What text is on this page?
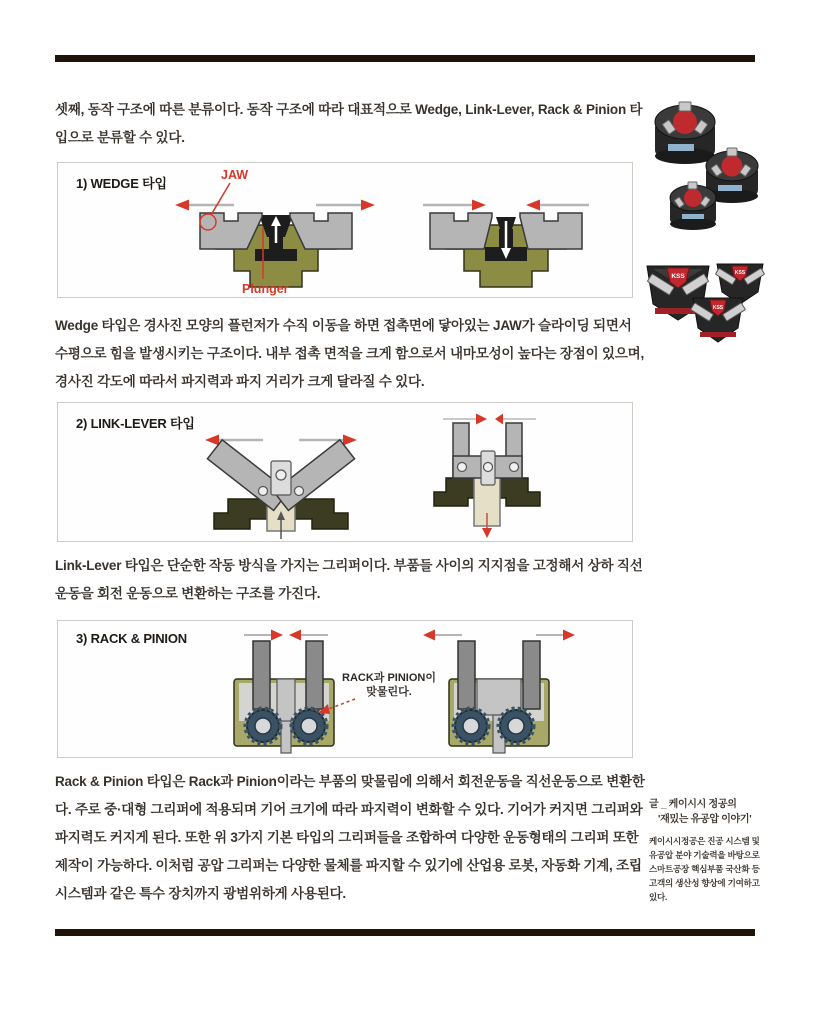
셋째, 동작 구조에 따른 분류이다. 동작 구조에 따라 대표적으로 Wedge, Link-Lever, Rack & Pinion 타입으로 분류할 수 있다.

1) WEDGE 타입
JAW
Plunger

Wedge 타입은 경사진 모양의 플런저가 수직 이동을 하면 접촉면에 닿아있는 JAW가 슬라이딩 되면서 수평으로 힘을 발생시키는 구조이다. 내부 접촉 면적을 크게 함으로서 내마모성이 높다는 장점이 있으며, 경사진 각도에 따라서 파지력과 파지 거리가 크게 달라질 수 있다.

2) LINK-LEVER 타입

Link-Lever 타입은 단순한 작동 방식을 가지는 그리퍼이다. 부품들 사이의 지지점을 고정해서 상하 직선 운동을 회전 운동으로 변환하는 구조를 가진다.

3) RACK & PINION
RACK과 PINION이
맞물린다.

Rack & Pinion 타입은 Rack과 Pinion이라는 부품의 맞물림에 의해서 회전운동을 직선운동으로 변환한다. 주로 중·대형 그리퍼에 적용되며 기어 크기에 따라 파지력이 변화할 수 있다. 기어가 커지면 그리퍼와 파지력도 커지게 된다. 또한 위 3가지 기본 타입의 그리퍼들을 조합하여 다양한 운동형태의 그리퍼 또한 제작이 가능하다. 이처럼 공압 그리퍼는 다양한 물체를 파지할 수 있기에 산업용 로봇, 자동화 기계, 조립 시스템과 같은 특수 장치까지 광범위하게 사용된다.

KSS	KSS
KSS

글 _ 케이시시 정공의

'재밌는 유공압 이야기'

케이시시정공은 진공 시스템 및 유공압 분야 기술력을 바탕으로 스마트공장 핵심부품 국산화 등 고객의 생산성 향상에 기여하고 있다.
